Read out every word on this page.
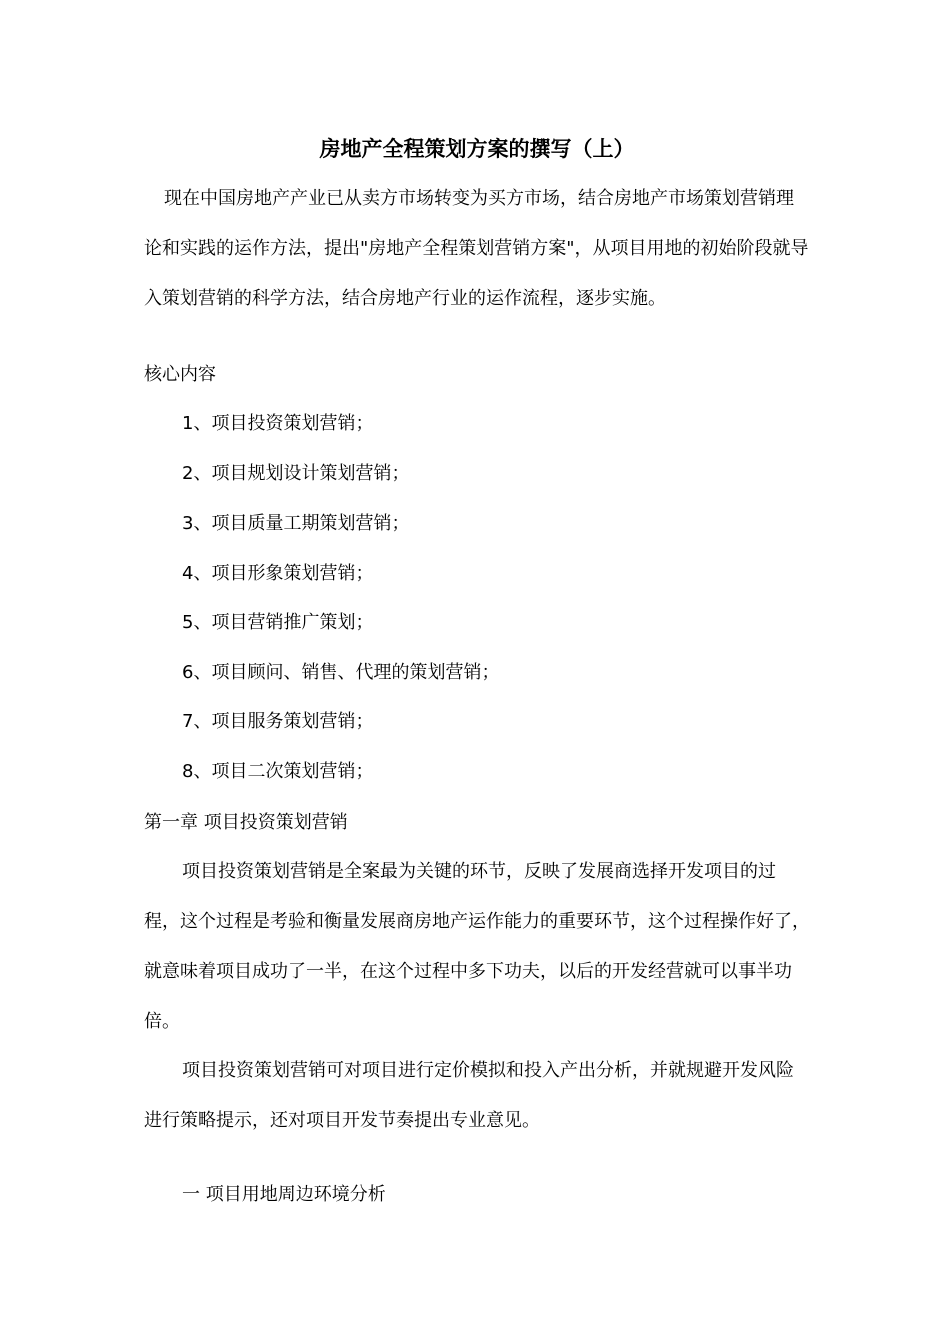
房地产全程策划方案的撰写（上）

现在中国房地产产业已从卖方市场转变为买方市场，结合房地产市场策划营销理论和实践的运作方法，提出"房地产全程策划营销方案"，从项目用地的初始阶段就导入策划营销的科学方法，结合房地产行业的运作流程，逐步实施。

核心内容
1、项目投资策划营销；
2、项目规划设计策划营销；
3、项目质量工期策划营销；
4、项目形象策划营销；
5、项目营销推广策划；
6、项目顾问、销售、代理的策划营销；
7、项目服务策划营销；
8、项目二次策划营销；
第一章 项目投资策划营销

项目投资策划营销是全案最为关键的环节，反映了发展商选择开发项目的过程，这个过程是考验和衡量发展商房地产运作能力的重要环节，这个过程操作好了，就意味着项目成功了一半，在这个过程中多下功夫，以后的开发经营就可以事半功倍。

项目投资策划营销可对项目进行定价模拟和投入产出分析，并就规避开发风险进行策略提示，还对项目开发节奏提出专业意见。

一 项目用地周边环境分析
